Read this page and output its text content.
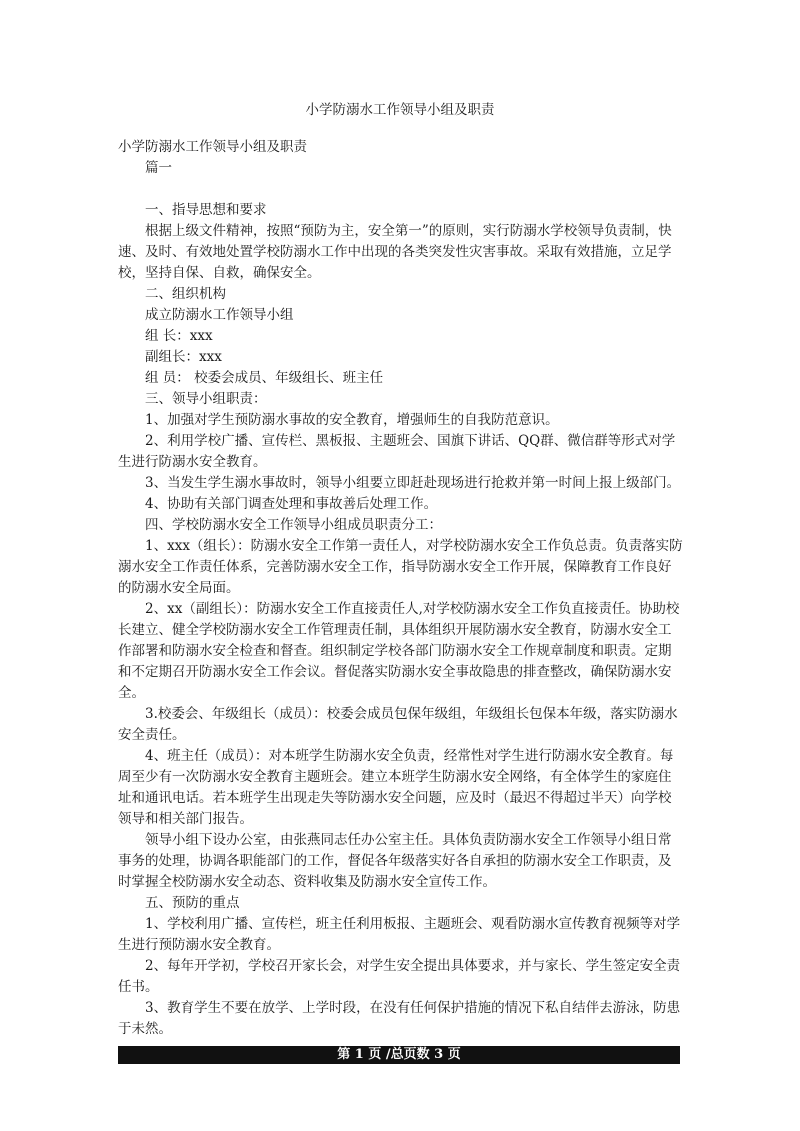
小学防溺水工作领导小组及职责

小学防溺水工作领导小组及职责

篇一

一、指导思想和要求

根据上级文件精神，按照“预防为主，安全第一”的原则，实行防溺水学校领导负责制，快速、及时、有效地处置学校防溺水工作中出现的各类突发性灾害事故。采取有效措施，立足学校，坚持自保、自救，确保安全。

二、组织机构

成立防溺水工作领导小组

组 长：xxx

副组长：xxx

组 员： 校委会成员、年级组长、班主任

三、领导小组职责：

1、加强对学生预防溺水事故的安全教育，增强师生的自我防范意识。

2、利用学校广播、宣传栏、黑板报、主题班会、国旗下讲话、QQ群、微信群等形式对学生进行防溺水安全教育。

3、当发生学生溺水事故时，领导小组要立即赶赴现场进行抢救并第一时间上报上级部门。

4、协助有关部门调查处理和事故善后处理工作。

四、学校防溺水安全工作领导小组成员职责分工：

1、xxx（组长）：防溺水安全工作第一责任人，对学校防溺水安全工作负总责。负责落实防溺水安全工作责任体系，完善防溺水安全工作，指导防溺水安全工作开展，保障教育工作良好的防溺水安全局面。

2、xx（副组长）：防溺水安全工作直接责任人,对学校防溺水安全工作负直接责任。协助校长建立、健全学校防溺水安全工作管理责任制，具体组织开展防溺水安全教育，防溺水安全工作部署和防溺水安全检查和督查。组织制定学校各部门防溺水安全工作规章制度和职责。定期和不定期召开防溺水安全工作会议。督促落实防溺水安全事故隐患的排查整改，确保防溺水安全。

3.校委会、年级组长（成员）：校委会成员包保年级组，年级组长包保本年级，落实防溺水安全责任。

4、班主任（成员）：对本班学生防溺水安全负责，经常性对学生进行防溺水安全教育。每周至少有一次防溺水安全教育主题班会。建立本班学生防溺水安全网络，有全体学生的家庭住址和通讯电话。若本班学生出现走失等防溺水安全问题，应及时（最迟不得超过半天）向学校领导和相关部门报告。

领导小组下设办公室，由张燕同志任办公室主任。具体负责防溺水安全工作领导小组日常事务的处理，协调各职能部门的工作，督促各年级落实好各自承担的防溺水安全工作职责，及时掌握全校防溺水安全动态、资料收集及防溺水安全宣传工作。

五、预防的重点

1、学校利用广播、宣传栏，班主任利用板报、主题班会、观看防溺水宣传教育视频等对学生进行预防溺水安全教育。

2、每年开学初，学校召开家长会，对学生安全提出具体要求，并与家长、学生签定安全责任书。

3、教育学生不要在放学、上学时段，在没有任何保护措施的情况下私自结伴去游泳，防患于未然。

第 1 页 /总页数 3 页
